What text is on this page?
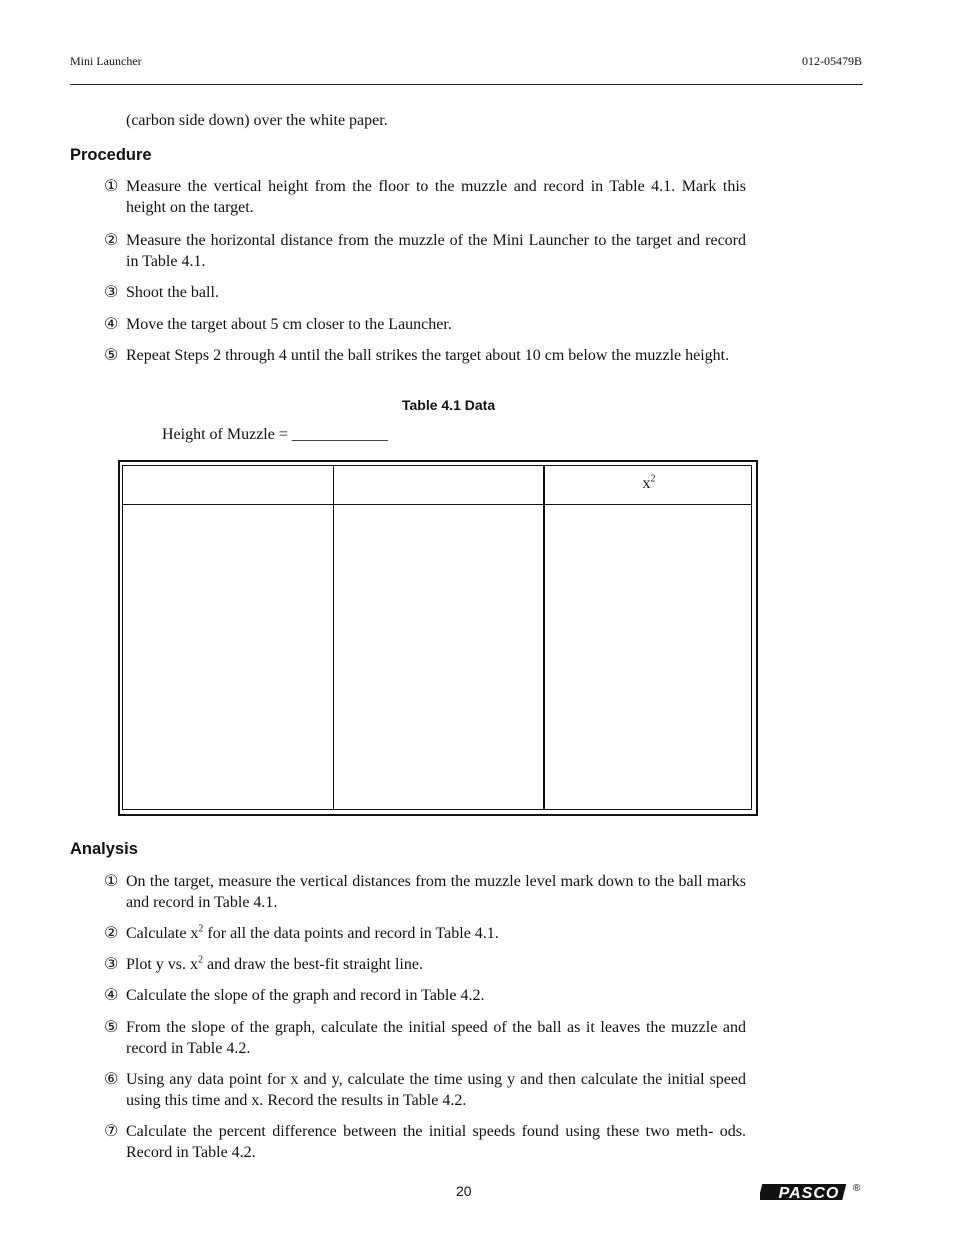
Mini Launcher	012-05479B
(carbon side down) over the white paper.
Procedure
① Measure the vertical height from the floor to the muzzle and record in Table 4.1. Mark this height on the target.
② Measure the horizontal distance from the muzzle of the Mini Launcher to the target and record in Table 4.1.
③ Shoot the ball.
④ Move the target about 5 cm closer to the Launcher.
⑤ Repeat Steps 2 through 4 until the ball strikes the target about 10 cm below the muzzle height.
Table 4.1 Data
Height of Muzzle = ____________
$x^2$
Analysis
① On the target, measure the vertical distances from the muzzle level mark down to the ball marks and record in Table 4.1.
② Calculate $x^2$ for all the data points and record in Table 4.1.
③ Plot y vs. $x^2$ and draw the best-fit straight line.
④ Calculate the slope of the graph and record in Table 4.2.
⑤ From the slope of the graph, calculate the initial speed of the ball as it leaves the muzzle and record in Table 4.2.
⑥ Using any data point for x and y, calculate the time using y and then calculate the initial speed using this time and x. Record the results in Table 4.2.
⑦ Calculate the percent difference between the initial speeds found using these two meth- ods. Record in Table 4.2.
20	PASCO ®
